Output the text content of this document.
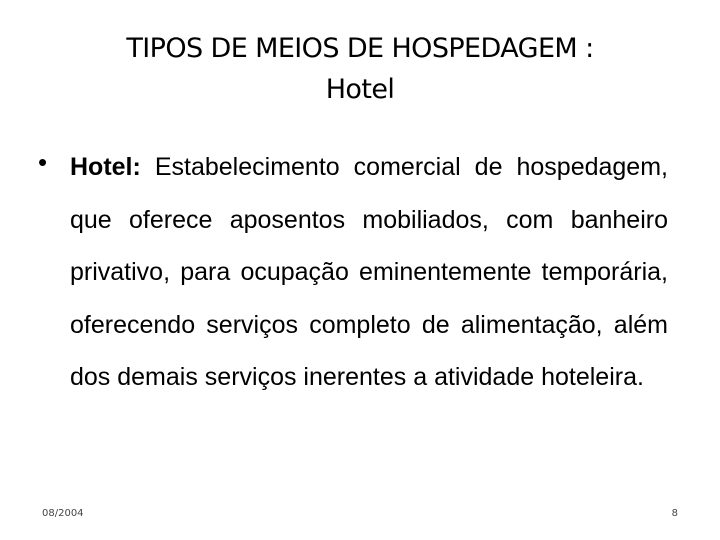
TIPOS DE MEIOS DE HOSPEDAGEM :
Hotel
• Hotel: Estabelecimento comercial de hospedagem, que oferece aposentos mobiliados, com banheiro privativo, para ocupação eminentemente temporária, oferecendo serviços completo de alimentação, além dos demais serviços inerentes a atividade hoteleira.
08/2004	8
